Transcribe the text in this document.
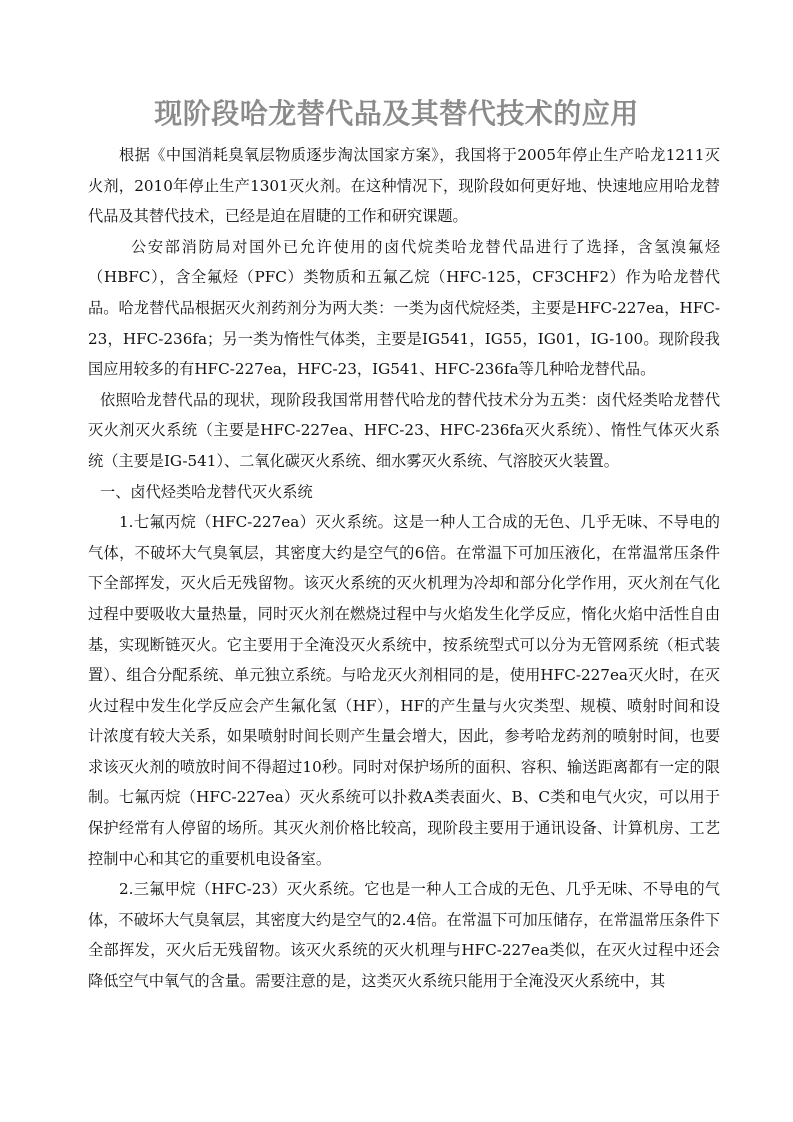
现阶段哈龙替代品及其替代技术的应用

根据《中国消耗臭氧层物质逐步淘汰国家方案》，我国将于2005年停止生产哈龙1211灭火剂，2010年停止生产1301灭火剂。在这种情况下，现阶段如何更好地、快速地应用哈龙替代品及其替代技术，已经是迫在眉睫的工作和研究课题。

公安部消防局对国外已允许使用的卤代烷类哈龙替代品进行了选择，含氢溴氟烃（HBFC），含全氟烃（PFC）类物质和五氟乙烷（HFC-125，CF3CHF2）作为哈龙替代品。哈龙替代品根据灭火剂药剂分为两大类：一类为卤代烷烃类，主要是HFC-227ea，HFC-23，HFC-236fa；另一类为惰性气体类，主要是IG541，IG55，IG01，IG-100。现阶段我国应用较多的有HFC-227ea，HFC-23，IG541、HFC-236fa等几种哈龙替代品。

依照哈龙替代品的现状，现阶段我国常用替代哈龙的替代技术分为五类：卤代烃类哈龙替代灭火剂灭火系统（主要是HFC-227ea、HFC-23、HFC-236fa灭火系统）、惰性气体灭火系统（主要是IG-541）、二氧化碳灭火系统、细水雾灭火系统、气溶胶灭火装置。

一、卤代烃类哈龙替代灭火系统

1.七氟丙烷（HFC-227ea）灭火系统。这是一种人工合成的无色、几乎无味、不导电的气体，不破坏大气臭氧层，其密度大约是空气的6倍。在常温下可加压液化，在常温常压条件下全部挥发，灭火后无残留物。该灭火系统的灭火机理为冷却和部分化学作用，灭火剂在气化过程中要吸收大量热量，同时灭火剂在燃烧过程中与火焰发生化学反应，惰化火焰中活性自由基，实现断链灭火。它主要用于全淹没灭火系统中，按系统型式可以分为无管网系统（柜式装置）、组合分配系统、单元独立系统。与哈龙灭火剂相同的是，使用HFC-227ea灭火时，在灭火过程中发生化学反应会产生氟化氢（HF），HF的产生量与火灾类型、规模、喷射时间和设计浓度有较大关系，如果喷射时间长则产生量会增大，因此，参考哈龙药剂的喷射时间，也要求该灭火剂的喷放时间不得超过10秒。同时对保护场所的面积、容积、输送距离都有一定的限制。七氟丙烷（HFC-227ea）灭火系统可以扑救A类表面火、B、C类和电气火灾，可以用于保护经常有人停留的场所。其灭火剂价格比较高，现阶段主要用于通讯设备、计算机房、工艺控制中心和其它的重要机电设备室。

2.三氟甲烷（HFC-23）灭火系统。它也是一种人工合成的无色、几乎无味、不导电的气体，不破坏大气臭氧层，其密度大约是空气的2.4倍。在常温下可加压储存，在常温常压条件下全部挥发，灭火后无残留物。该灭火系统的灭火机理与HFC-227ea类似，在灭火过程中还会降低空气中氧气的含量。需要注意的是，这类灭火系统只能用于全淹没灭火系统中，其
